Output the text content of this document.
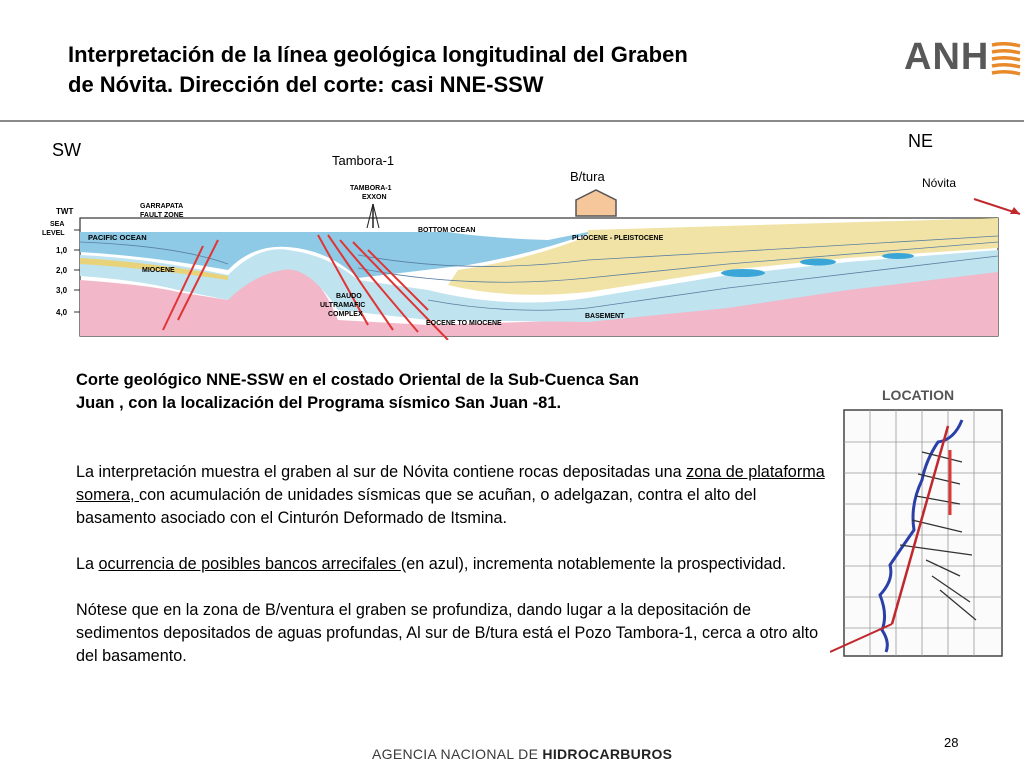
Interpretación de la línea geológica longitudinal del Graben
de Nóvita. Dirección del corte: casi NNE-SSW
ANH
SW	NE
Tambora-1
B/tura	Nóvita
TWT
SEA
LEVEL
1,0
2,0
3,0
4,0
TAMBORA-1
EXXON
GARRAPATA
FAULT ZONE
PACIFIC OCEAN
MIOCENE
BOTTOM OCEAN
PLIOCENE - PLEISTOCENE
BAUDO
ULTRAMAFIC
COMPLEX
EOCENE TO MIOCENE
BASEMENT
Corte geológico NNE-SSW en el costado Oriental de la Sub-Cuenca San
Juan , con la localización del Programa sísmico San Juan -81.

La interpretación muestra el graben al sur de Nóvita contiene rocas depositadas una zona de plataforma somera, con acumulación de unidades sísmicas que se acuñan, o adelgazan, contra el alto del basamento asociado con el Cinturón Deformado de Itsmina.

La ocurrencia de posibles bancos arrecifales (en azul), incrementa notablemente la prospectividad.

Nótese que en la zona de B/ventura el graben se profundiza, dando lugar a la depositación de sedimentos depositados de aguas profundas, Al sur de B/tura está el Pozo Tambora-1, cerca a otro alto del basamento.

LOCATION
28
AGENCIA NACIONAL DE HIDROCARBUROS
